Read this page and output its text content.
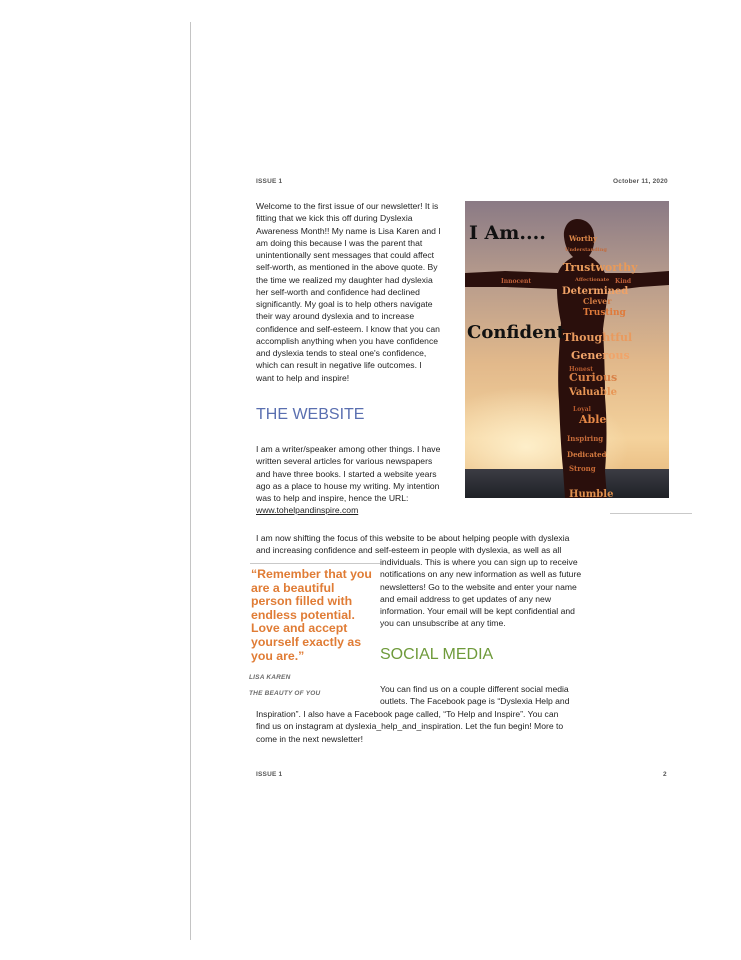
ISSUE 1	October 11, 2020
Welcome to the first issue of our newsletter! It is
fitting that we kick this off during Dyslexia
Awareness Month!! My name is Lisa Karen and I
am doing this because I was the parent that
unintentionally sent messages that could affect
self-worth, as mentioned in the above quote. By
the time we realized my daughter had dyslexia
her self-worth and confidence had declined
significantly. My goal is to help others navigate
their way around dyslexia and to increase
confidence and self-esteem. I know that you can
accomplish anything when you have confidence
and dyslexia tends to steal one's confidence,
which can result in negative life outcomes. I
want to help and inspire!
Worthy
Understanding
Trustworthy
Affectionate
Determined
Clever
Trusting
Thoughtful
Generous
Curious
Valuable
Able
Humble
Inspiring
Dedicated
Innocent	Kind
Loyal
Honest
Strong
I Am....
Confident
THE WEBSITE
I am a writer/speaker among other things. I have
written several articles for various newspapers
and have three books. I started a website years
ago as a place to house my writing. My intention
was to help and inspire, hence the URL:
www.tohelpandinspire.com
I am now shifting the focus of this website to be about helping people with dyslexia
and increasing confidence and self-esteem in people with dyslexia, as well as all
individuals. This is where you can sign up to receive
notifications on any new information as well as future
newsletters! Go to the website and enter your name
and email address to get updates of any new
information. Your email will be kept confidential and
you can unsubscribe at any time.

“Remember that you are a beautiful person filled with endless potential. Love and accept yourself exactly as you are.”

LISA KAREN
THE BEAUTY OF YOU
SOCIAL MEDIA
You can find us on a couple different social media
outlets. The Facebook page is “Dyslexia Help and
Inspiration”. I also have a Facebook page called, “To Help and Inspire”. You can
find us on instagram at dyslexia_help_and_inspiration. Let the fun begin! More to
come in the next newsletter!
ISSUE 1	2
